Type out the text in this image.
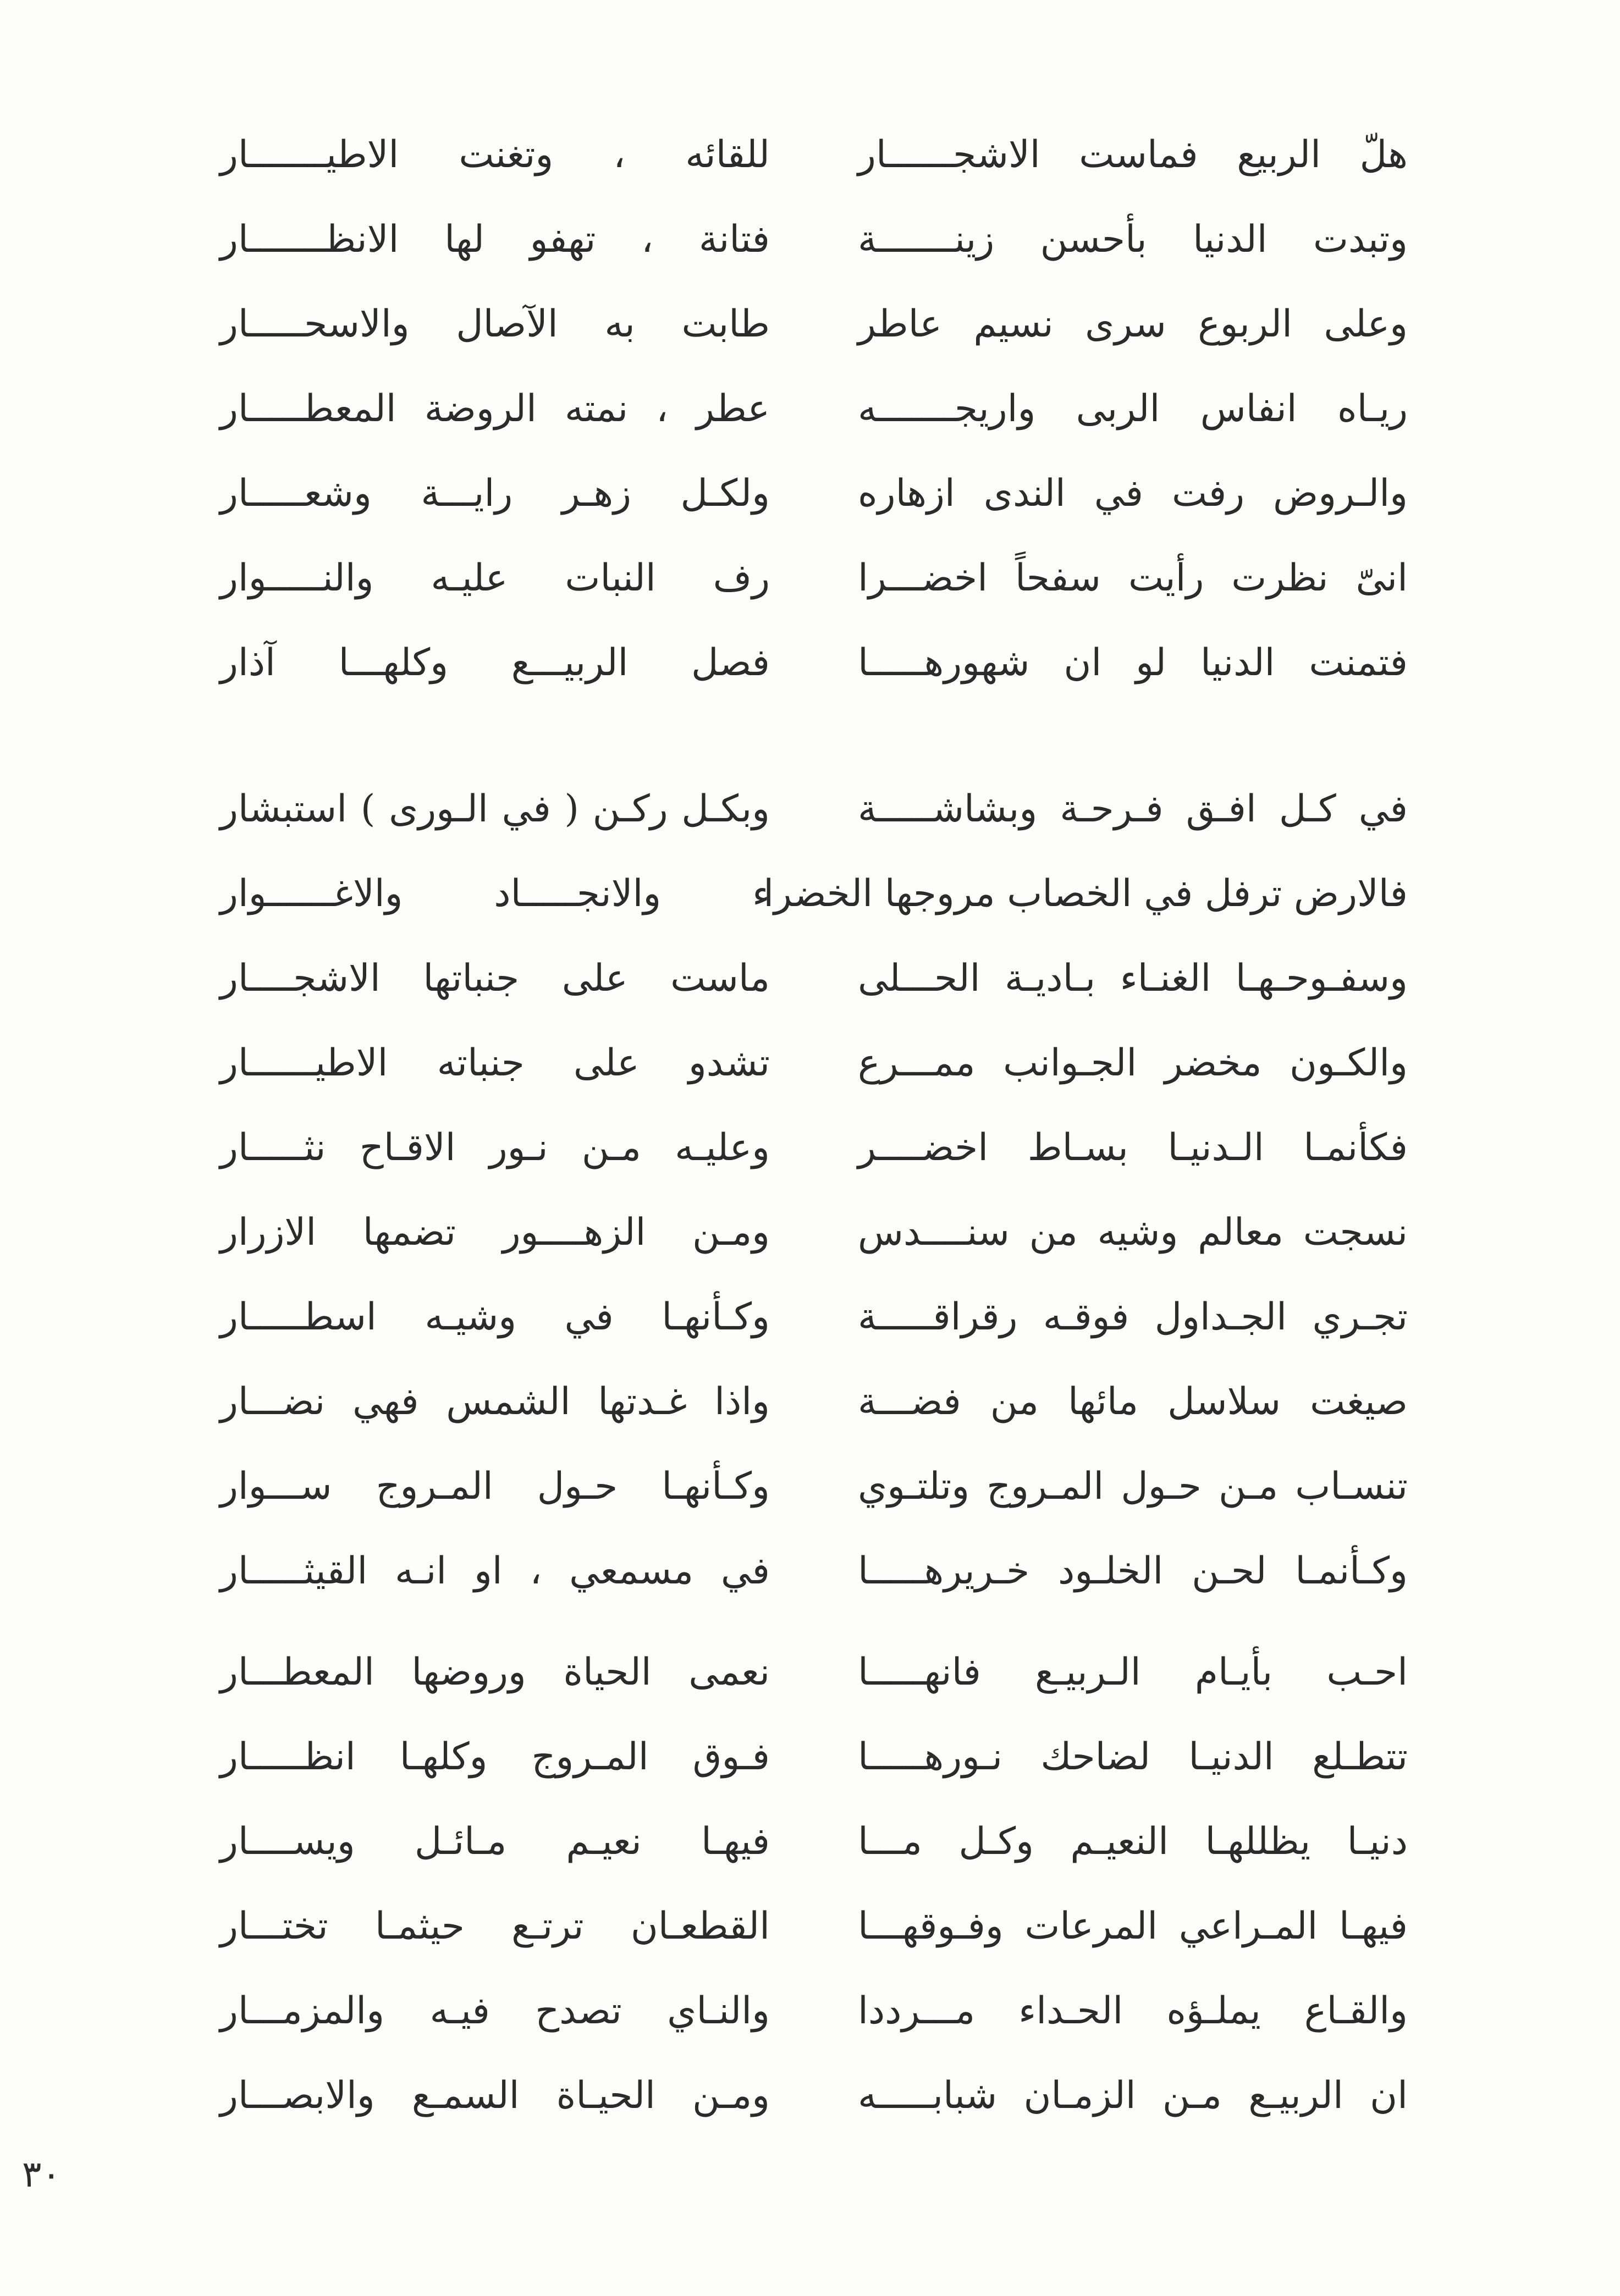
هلّ الربيع فماست الاشجــــــار
للقائه ، وتغنت الاطيـــــــار
وتبدت الدنيا بأحسن زينـــــــة
فتانة ، تهفو لها الانظـــــــار
وعلى الربوع سرى نسيم عاطر
طابت به الآصال والاسحـــــار
ريـاه انفاس الربى واريجـــــــه
عطر ، نمته الروضة المعطـــــار
والـروض رفت في الندى ازهاره
ولكـل زهـر رايـــة وشعـــــار
انىّ نظرت رأيت سفحاً اخضـــرا
رف النبات عليـه والنـــــوار
فتمنت الدنيا لو ان شهورهـــــا
فصل الربيـــع وكلهـــا آذار
في كـل افـق فـرحـة وبشاشـــــة
وبكـل ركـن ( في الـورى ) استبشار
فالارض ترفل في الخصاب مروجها الخضرا
ء والانجـــــاد والاغــــــوار
وسفـوحـهـا الغنـاء بـاديـة الحـــلى
ماست على جنباتها الاشجــــار
والكـون مخضر الجـوانب ممـــرع
تشدو على جنباته الاطيــــــار
فكأنمـا الـدنيـا بسـاط اخضــــر
وعليـه مـن نـور الاقـاح نثـــــار
نسجت معالم وشيه من سنــــدس
ومـن الزهــــور تضمها الازرار
تجـري الجـداول فوقـه رقراقـــــة
وكـأنهـا في وشيـه اسطـــــار
صيغت سلاسل مائها من فضـــة
واذا غـدتها الشمس فهي نضـــار
تنسـاب مـن حـول المـروج وتلتـوي
وكـأنهـا حـول المـروج ســـوار
وكـأنمـا لحـن الخلـود خـريرهـــــا
في مسمعي ، او انـه القيثـــــار
احـب بأيـام الـربيـع فانهـــــا
نعمى الحياة وروضها المعطـــار
تتطـلع الدنيـا لضاحك نـورهـــــا
فـوق المـروج وكلهـا انظـــــار
دنيـا يظللهـا النعيـم وكـل مـــا
فيهـا نعيـم مـائـل ويســــار
فيهـا المـراعي المرعات وفـوقهـــا
القطعـان ترتـع حيثمـا تختـــار
والقـاع يملـؤه الحـداء مـــرددا
والنـاي تصدح فيـه والمزمـــار
ان الربيـع مـن الزمـان شبابـــــه
ومـن الحيـاة السمـع والابصـــار
٣٠
